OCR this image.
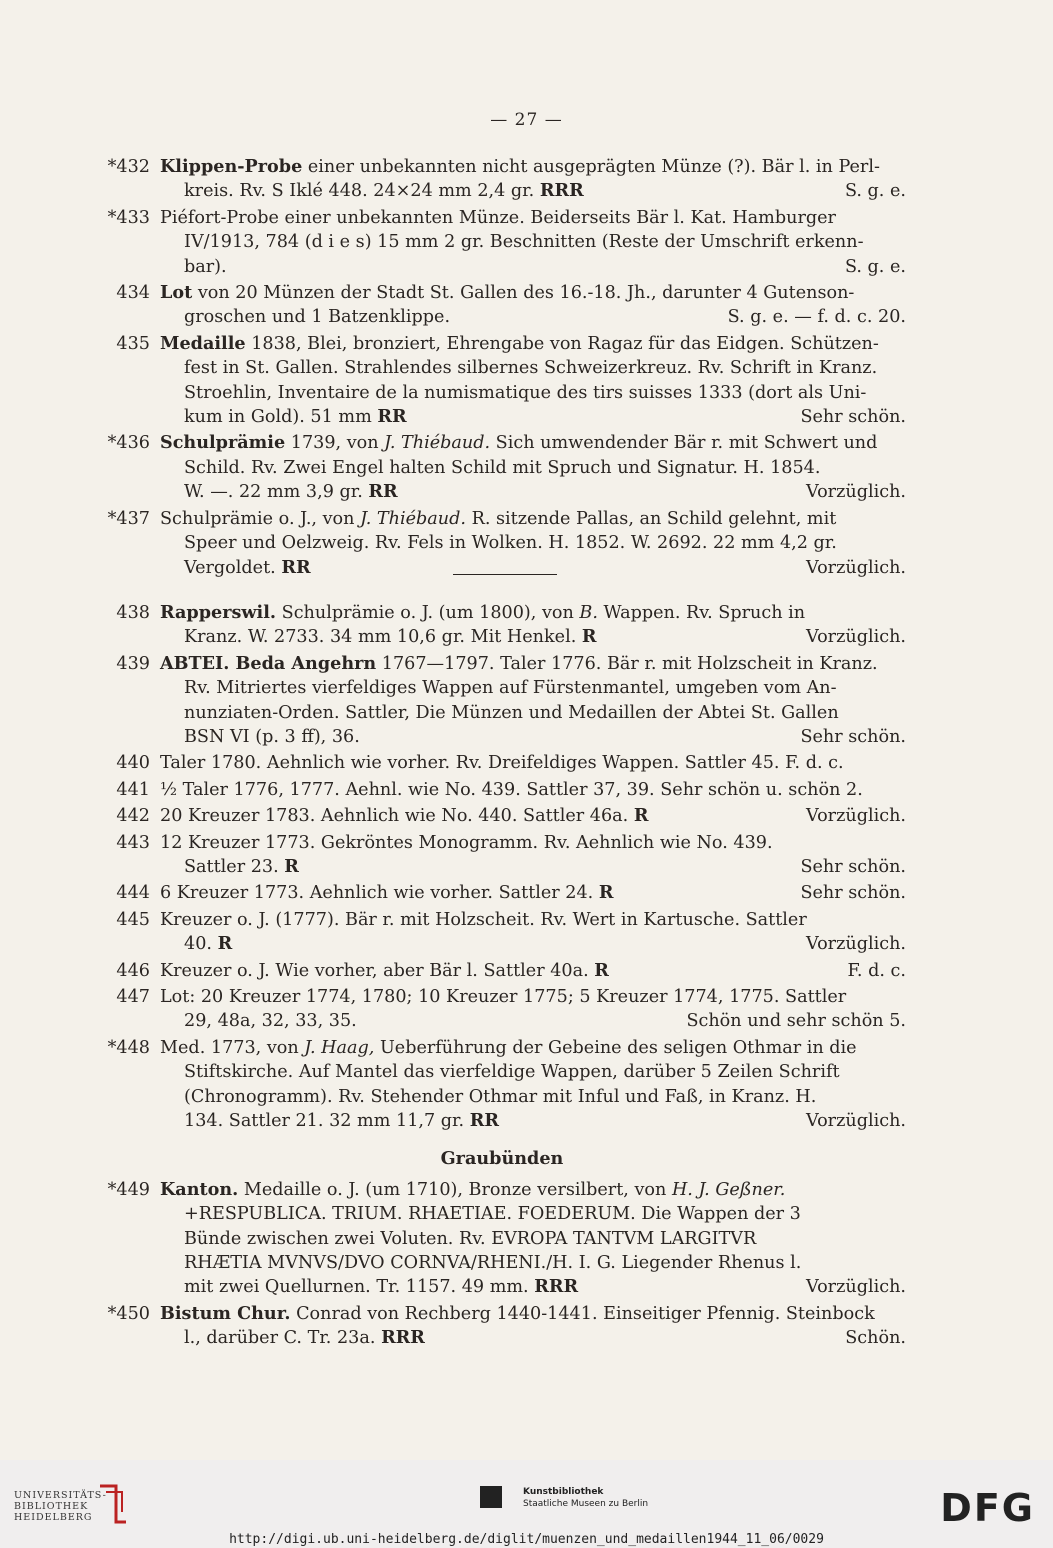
— 27 —
*432 Klippen-Probe einer unbekannten nicht ausgeprägten Münze (?). Bär l. in Perl-
kreis. Rv. S Iklé 448. 24×24 mm 2,4 gr. RRR	S. g. e.
*433 Piéfort-Probe einer unbekannten Münze. Beiderseits Bär l. Kat. Hamburger
IV/1913, 784 (d i e s) 15 mm 2 gr. Beschnitten (Reste der Umschrift erkenn-
bar).	S. g. e.
434 Lot von 20 Münzen der Stadt St. Gallen des 16.-18. Jh., darunter 4 Gutenson-
groschen und 1 Batzenklippe.	S. g. e. — f. d. c. 20.
435 Medaille 1838, Blei, bronziert, Ehrengabe von Ragaz für das Eidgen. Schützen-
fest in St. Gallen. Strahlendes silbernes Schweizerkreuz. Rv. Schrift in Kranz.
Stroehlin, Inventaire de la numismatique des tirs suisses 1333 (dort als Uni-
kum in Gold). 51 mm RR	Sehr schön.
*436 Schulprämie 1739, von J. Thiébaud. Sich umwendender Bär r. mit Schwert und
Schild. Rv. Zwei Engel halten Schild mit Spruch und Signatur. H. 1854.
W. —. 22 mm 3,9 gr. RR	Vorzüglich.
*437 Schulprämie o. J., von J. Thiébaud. R. sitzende Pallas, an Schild gelehnt, mit
Speer und Oelzweig. Rv. Fels in Wolken. H. 1852. W. 2692. 22 mm 4,2 gr.
Vergoldet. RR	Vorzüglich.
438 Rapperswil. Schulprämie o. J. (um 1800), von B. Wappen. Rv. Spruch in
Kranz. W. 2733. 34 mm 10,6 gr. Mit Henkel. R	Vorzüglich.
439 ABTEI. Beda Angehrn 1767—1797. Taler 1776. Bär r. mit Holzscheit in Kranz.
Rv. Mitriertes vierfeldiges Wappen auf Fürstenmantel, umgeben vom An-
nunziaten-Orden. Sattler, Die Münzen und Medaillen der Abtei St. Gallen
BSN VI (p. 3 ff), 36.	Sehr schön.
440 Taler 1780. Aehnlich wie vorher. Rv. Dreifeldiges Wappen. Sattler 45. F. d. c.
441 ½ Taler 1776, 1777. Aehnl. wie No. 439. Sattler 37, 39. Sehr schön u. schön 2.
442 20 Kreuzer 1783. Aehnlich wie No. 440. Sattler 46a. R	Vorzüglich.
443 12 Kreuzer 1773. Gekröntes Monogramm. Rv. Aehnlich wie No. 439.
Sattler 23. R	Sehr schön.
444 6 Kreuzer 1773. Aehnlich wie vorher. Sattler 24. R	Sehr schön.
445 Kreuzer o. J. (1777). Bär r. mit Holzscheit. Rv. Wert in Kartusche. Sattler
40. R	Vorzüglich.
446 Kreuzer o. J. Wie vorher, aber Bär l. Sattler 40a. R	F. d. c.
447 Lot: 20 Kreuzer 1774, 1780; 10 Kreuzer 1775; 5 Kreuzer 1774, 1775. Sattler
29, 48a, 32, 33, 35.	Schön und sehr schön 5.
*448 Med. 1773, von J. Haag, Ueberführung der Gebeine des seligen Othmar in die
Stiftskirche. Auf Mantel das vierfeldige Wappen, darüber 5 Zeilen Schrift
(Chronogramm). Rv. Stehender Othmar mit Inful und Faß, in Kranz. H.
134. Sattler 21. 32 mm 11,7 gr. RR	Vorzüglich.
Graubünden
*449 Kanton. Medaille o. J. (um 1710), Bronze versilbert, von H. J. Geßner.
+RESPUBLICA. TRIUM. RHAETIAE. FOEDERUM. Die Wappen der 3
Bünde zwischen zwei Voluten. Rv. EVROPA TANTVM LARGITVR
RHÆTIA MVNVS/DVO CORNVA/RHENI./H. I. G. Liegender Rhenus l.
mit zwei Quellurnen. Tr. 1157. 49 mm. RRR	Vorzüglich.
*450 Bistum Chur. Conrad von Rechberg 1440-1441. Einseitiger Pfennig. Steinbock
l., darüber C. Tr. 23a. RRR	Schön.
UNIVERSITÄTS-
BIBLIOTHEK
HEIDELBERG
Kunstbibliothek
Staatliche Museen zu Berlin	DFG
http://digi.ub.uni-heidelberg.de/diglit/muenzen_und_medaillen1944_11_06/0029
